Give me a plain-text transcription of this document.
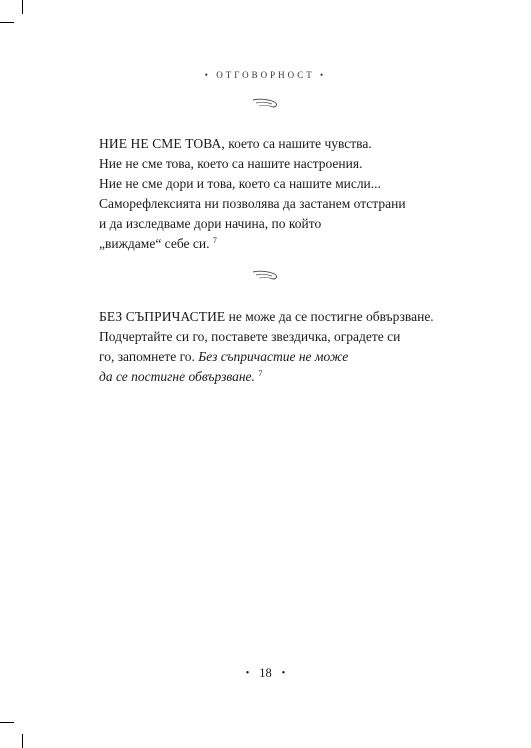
• ОТГОВОРНОСТ •
НИЕ НЕ СМЕ ТОВА, което са нашите чувства.
Ние не сме това, което са нашите настроения.
Ние не сме дори и това, което са нашите мисли...
Саморефлексията ни позволява да застанем отстрани
и да изследваме дори начина, по който
„виждаме“ себе си. $^7$
БЕЗ СЪПРИЧАСТИЕ не може да се постигне обвързване.
Подчертайте си го, поставете звездичка, оградете си
го, запомнете го. Без съпричастие не може
да се постигне обвързване. $^7$
• 18 •
